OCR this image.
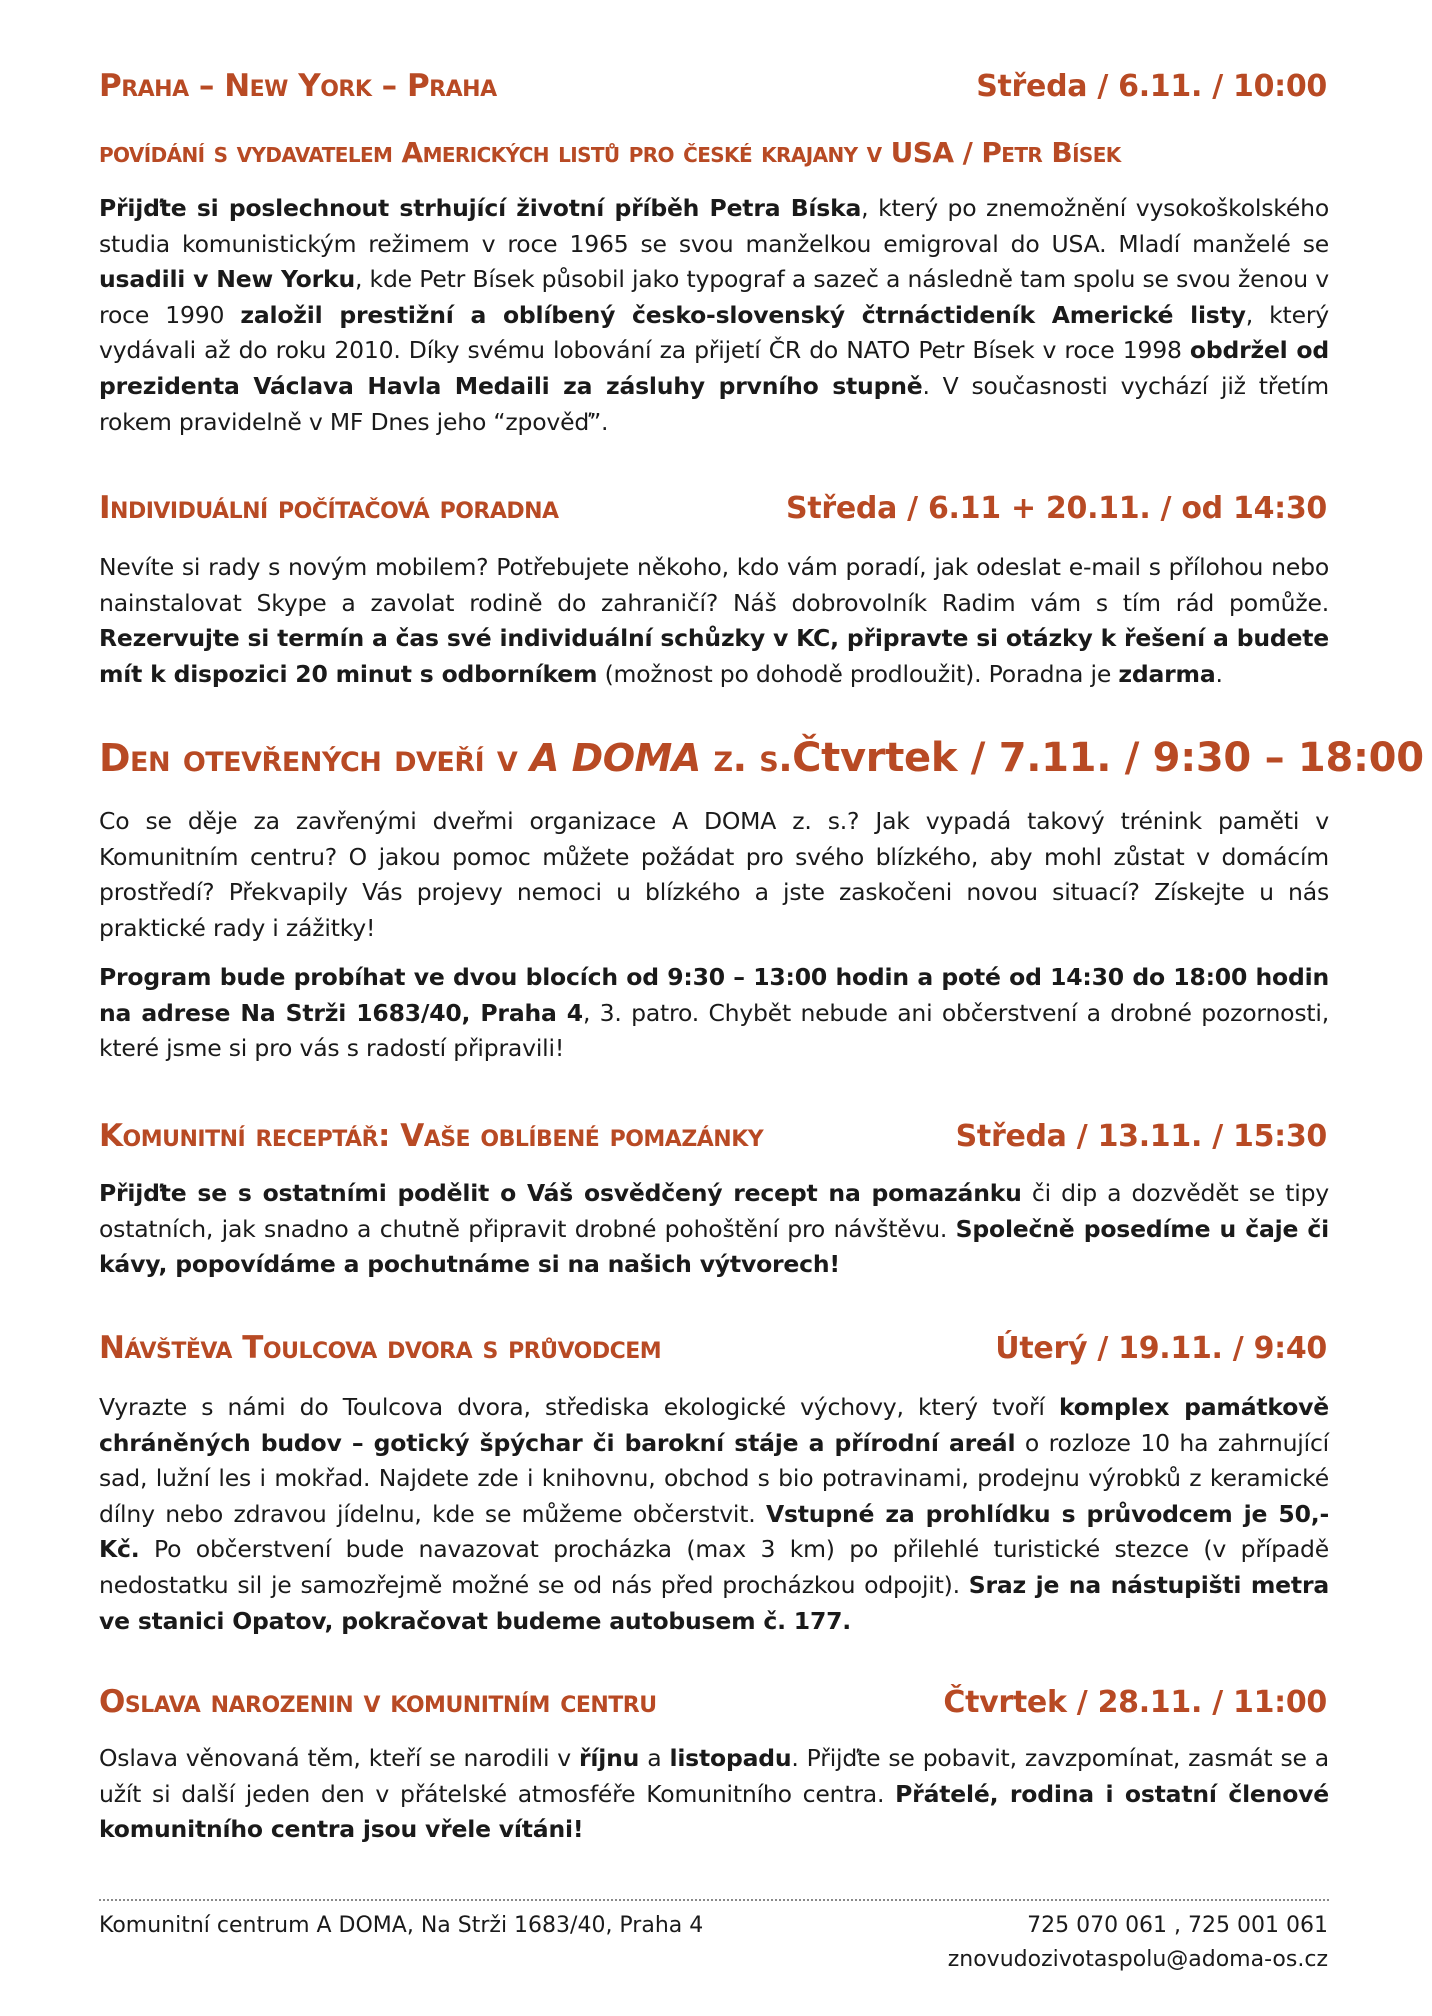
Praha – New York – Praha	Středa / 6.11. / 10:00
povídání s vydavatelem Amerických listů pro české krajany v USA / Petr Bísek

Přijďte si poslechnout strhující životní příběh Petra Bíska, který po znemožnění vysokoškolského studia komunistickým režimem v roce 1965 se svou manželkou emigroval do USA. Mladí manželé se usadili v New Yorku, kde Petr Bísek působil jako typograf a sazeč a následně tam spolu se svou ženou v roce 1990 založil prestižní a oblíbený česko-slovenský čtrnáctideník Americké listy, který vydávali až do roku 2010. Díky svému lobování za přijetí ČR do NATO Petr Bísek v roce 1998 obdržel od prezidenta Václava Havla Medaili za zásluhy prvního stupně. V současnosti vychází již třetím rokem pravidelně v MF Dnes jeho “zpověď”.

Individuální počítačová poradna	Středa / 6.11 + 20.11. / od 14:30

Nevíte si rady s novým mobilem? Potřebujete někoho, kdo vám poradí, jak odeslat e-mail s přílohou nebo nainstalovat Skype a zavolat rodině do zahraničí? Náš dobrovolník Radim vám s tím rád pomůže. Rezervujte si termín a čas své individuální schůzky v KC, připravte si otázky k řešení a budete mít k dispozici 20 minut s odborníkem (možnost po dohodě prodloužit). Poradna je zdarma.

Den otevřených dveří v A DOMA z. s. Čtvrtek / 7.11. / 9:30 – 18:00

Co se děje za zavřenými dveřmi organizace A DOMA z. s.? Jak vypadá takový trénink paměti v Komunitním centru? O jakou pomoc můžete požádat pro svého blízkého, aby mohl zůstat v domácím prostředí? Překvapily Vás projevy nemoci u blízkého a jste zaskočeni novou situací? Získejte u nás praktické rady i zážitky!

Program bude probíhat ve dvou blocích od 9:30 – 13:00 hodin a poté od 14:30 do 18:00 hodin na adrese Na Strži 1683/40, Praha 4, 3. patro. Chybět nebude ani občerstvení a drobné pozornosti, které jsme si pro vás s radostí připravili!

Komunitní receptář: Vaše oblíbené pomazánky	Středa / 13.11. / 15:30

Přijďte se s ostatními podělit o Váš osvědčený recept na pomazánku či dip a dozvědět se tipy ostatních, jak snadno a chutně připravit drobné pohoštění pro návštěvu. Společně posedíme u čaje či kávy, popovídáme a pochutnáme si na našich výtvorech!

Návštěva Toulcova dvora s průvodcem	Úterý / 19.11. / 9:40

Vyrazte s námi do Toulcova dvora, střediska ekologické výchovy, který tvoří komplex památkově chráněných budov – gotický špýchar či barokní stáje a přírodní areál o rozloze 10 ha zahrnující sad, lužní les i mokřad. Najdete zde i knihovnu, obchod s bio potravinami, prodejnu výrobků z keramické dílny nebo zdravou jídelnu, kde se můžeme občerstvit. Vstupné za prohlídku s průvodcem je 50,- Kč. Po občerstvení bude navazovat procházka (max 3 km) po přilehlé turistické stezce (v případě nedostatku sil je samozřejmě možné se od nás před procházkou odpojit). Sraz je na nástupišti metra ve stanici Opatov, pokračovat budeme autobusem č. 177.

Oslava narozenin v komunitním centru	Čtvrtek / 28.11. / 11:00

Oslava věnovaná těm, kteří se narodili v říjnu a listopadu. Přijďte se pobavit, zavzpomínat, zasmát se a užít si další jeden den v přátelské atmosféře Komunitního centra. Přátelé, rodina i ostatní členové komunitního centra jsou vřele vítáni!

Komunitní centrum A DOMA, Na Strži 1683/40, Praha 4	725 070 061 , 725 001 061
znovudozivotaspolu@adoma-os.cz
